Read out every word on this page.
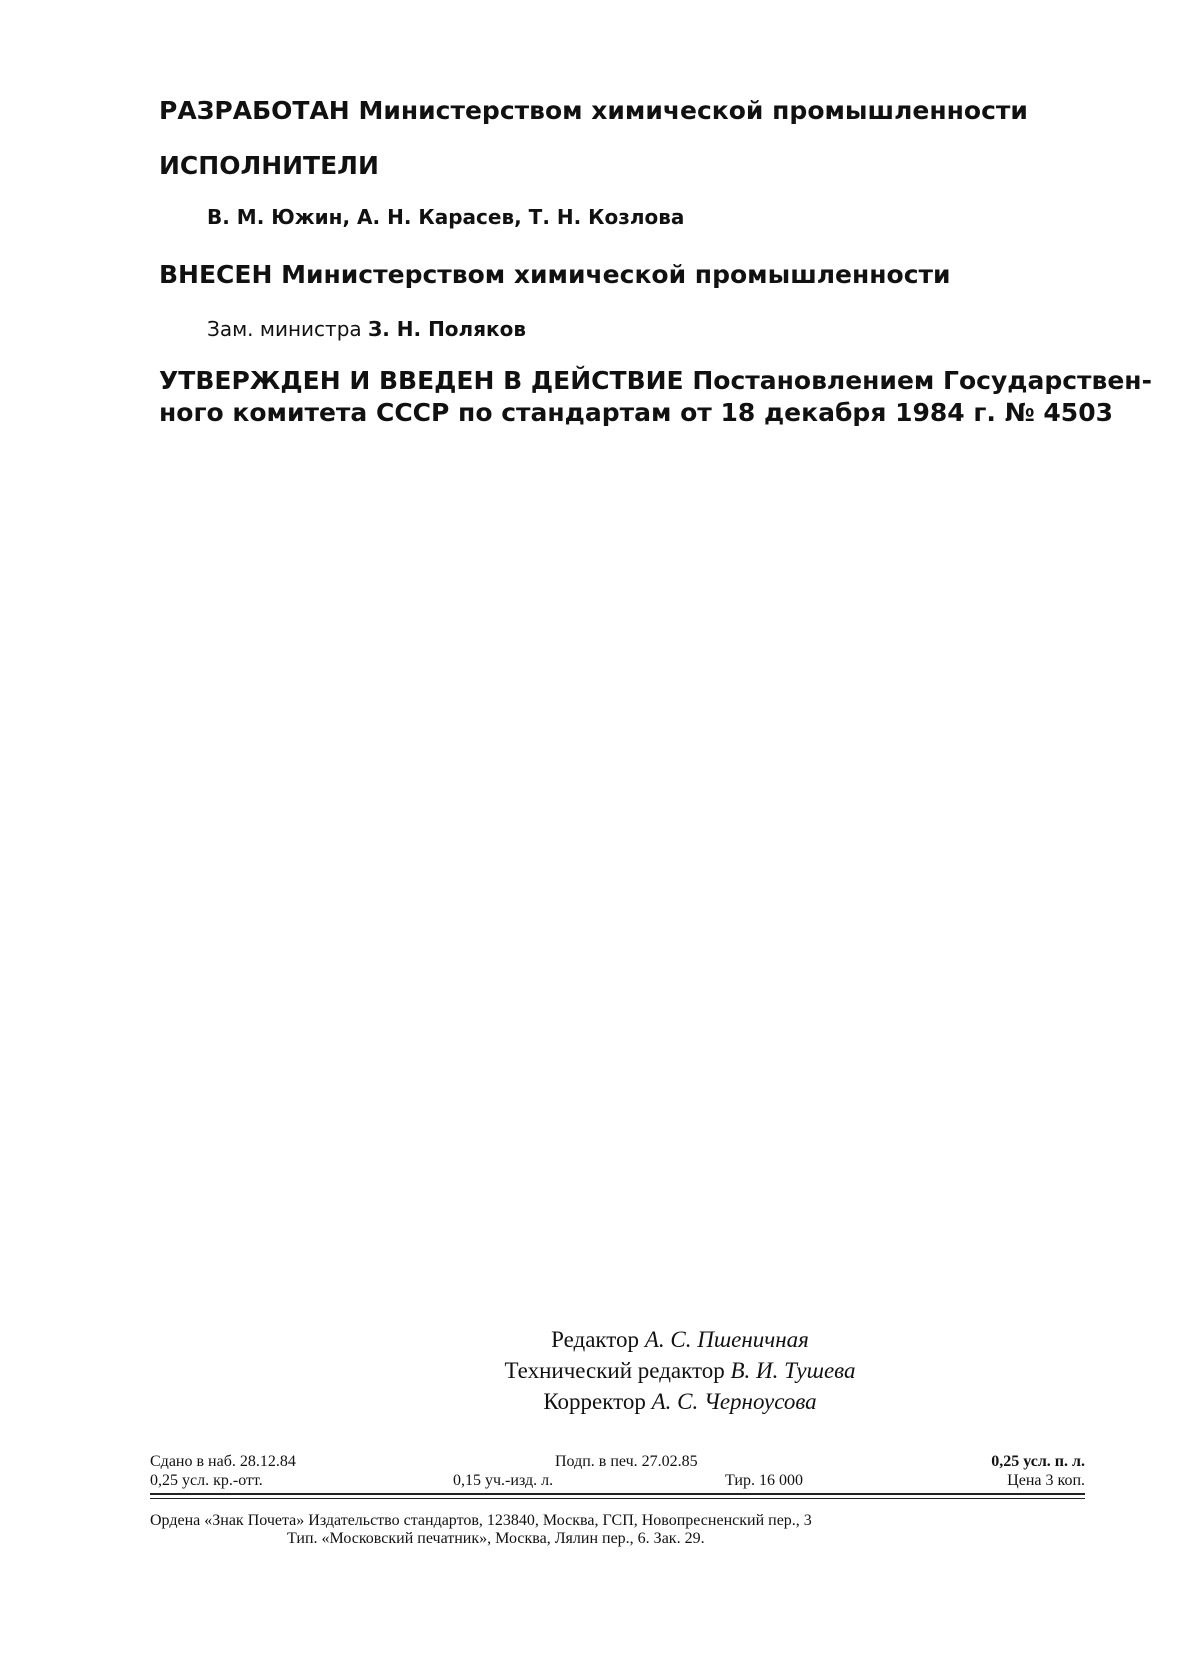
РАЗРАБОТАН Министерством химической промышленности
ИСПОЛНИТЕЛИ
В. М. Южин, А. Н. Карасев, Т. Н. Козлова
ВНЕСЕН Министерством химической промышленности
Зам. министра З. Н. Поляков
УТВЕРЖДЕН И ВВЕДЕН В ДЕЙСТВИЕ Постановлением Государствен-
ного комитета СССР по стандартам от 18 декабря 1984 г. № 4503
Редактор А. С. Пшеничная
Технический редактор В. И. Тушева
Корректор А. С. Черноусова
Сдано в наб. 28.12.84
0,25 усл. кр.-отт.
Подп. в печ. 27.02.85
0,15 уч.-изд. л.	Тир. 16 000
0,25 усл. п. л.
Цена 3 коп.
Ордена «Знак Почета» Издательство стандартов, 123840, Москва, ГСП, Новопресненский пер., 3
Тип. «Московский печатник», Москва, Лялин пер., 6. Зак. 29.
